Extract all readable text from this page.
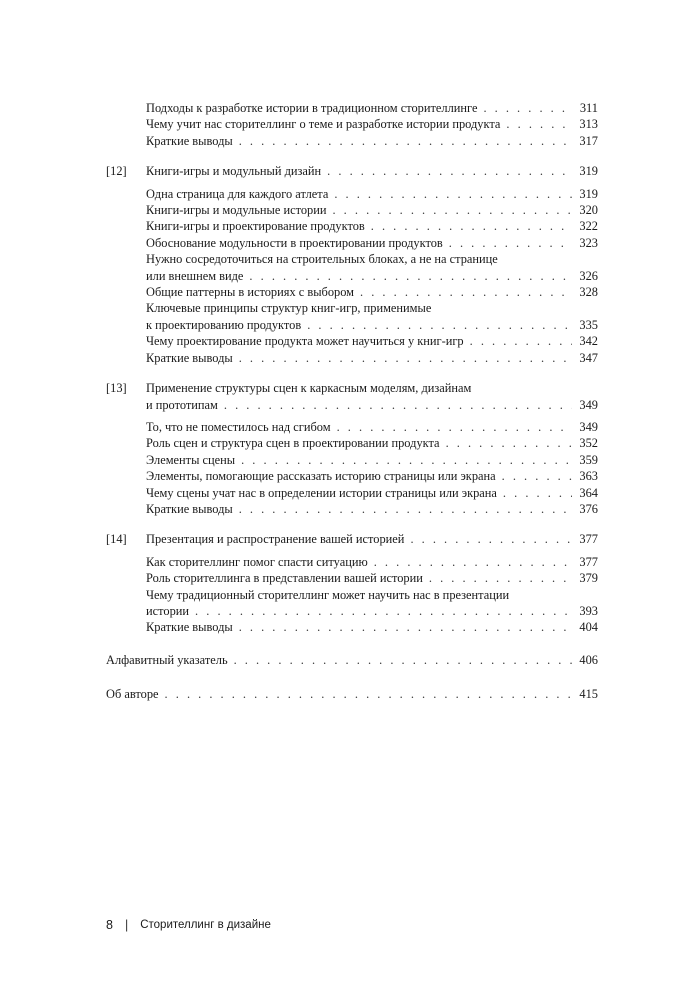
Подходы к разработке истории в традиционном сторителлинге . . .	311
Чему учит нас сторителлинг о теме и разработке истории продукта . . .	313
Краткие выводы . . .	317
[12] Книги-игры и модульный дизайн . . .	319
Одна страница для каждого атлета . . .	319
Книги-игры и модульные истории . . .	320
Книги-игры и проектирование продуктов . . .	322
Обоснование модульности в проектировании продуктов . . .	323
Нужно сосредоточиться на строительных блоках, а не на странице
или внешнем виде . . .	326
Общие паттерны в историях с выбором . . .	328
Ключевые принципы структур книг-игр, применимые
к проектированию продуктов . . .	335
Чему проектирование продукта может научиться у книг-игр . . .	342
Краткие выводы . . .	347
[13] Применение структуры сцен к каркасным моделям, дизайнам
и прототипам . . .	349
То, что не поместилось над сгибом . . .	349
Роль сцен и структура сцен в проектировании продукта . . .	352
Элементы сцены . . .	359
Элементы, помогающие рассказать историю страницы или экрана . . .	363
Чему сцены учат нас в определении истории страницы или экрана . . .	364
Краткие выводы . . .	376
[14] Презентация и распространение вашей историей . . .	377
Как сторителлинг помог спасти ситуацию . . .	377
Роль сторителлинга в представлении вашей истории . . .	379
Чему традиционный сторителлинг может научить нас в презентации
истории . . .	393
Краткие выводы . . .	404
Алфавитный указатель . . .	406
Об авторе . . .	415
8 | Сторителлинг в дизайне
